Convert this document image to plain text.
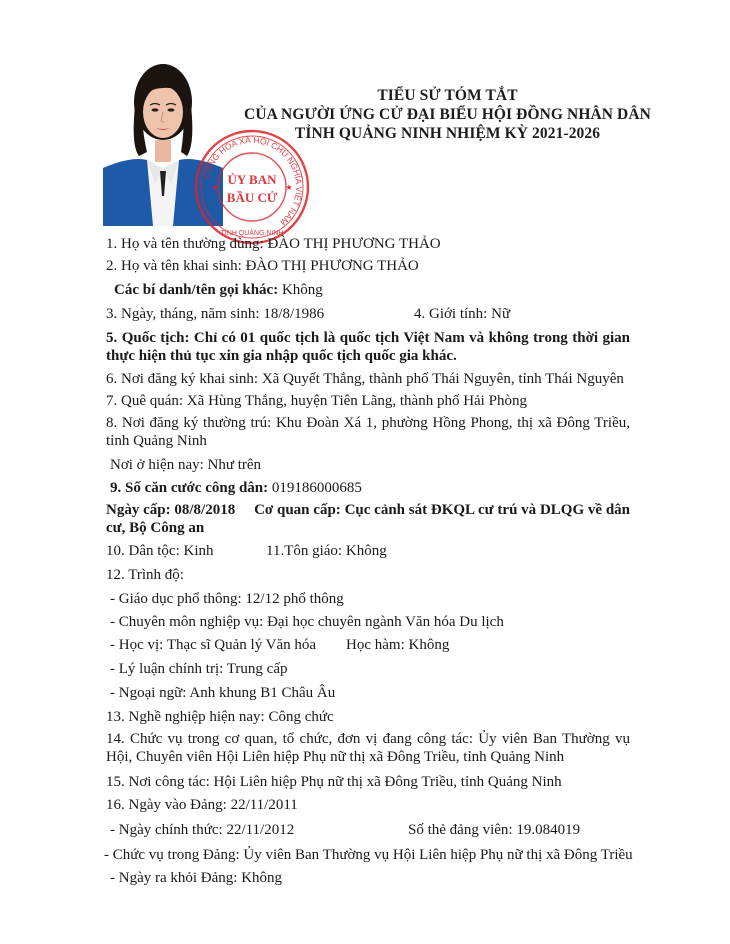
CỘNG HÒA XÃ HỘI CHỦ NGHĨA VIỆT NAM
ỦY BAN
BẦU CỬ
TỈNH QUẢNG NINH
★	★
TIỂU SỬ TÓM TẮT
CỦA NGƯỜI ỨNG CỬ ĐẠI BIỂU HỘI ĐỒNG NHÂN DÂN
TỈNH QUẢNG NINH NHIỆM KỲ 2021-2026
1. Họ và tên thường dùng: ĐÀO THỊ PHƯƠNG THẢO
2. Họ và tên khai sinh: ĐÀO THỊ PHƯƠNG THẢO
Các bí danh/tên gọi khác: Không
3. Ngày, tháng, năm sinh: 18/8/1986	4. Giới tính: Nữ
5. Quốc tịch: Chỉ có 01 quốc tịch là quốc tịch Việt Nam và không trong thời gian thực hiện thủ tục xin gia nhập quốc tịch quốc gia khác.
6. Nơi đăng ký khai sinh: Xã Quyết Thắng, thành phố Thái Nguyên, tỉnh Thái Nguyên
7. Quê quán: Xã Hùng Thắng, huyện Tiên Lãng, thành phố Hải Phòng
8. Nơi đăng ký thường trú: Khu Đoàn Xá 1, phường Hồng Phong, thị xã Đông Triều, tỉnh Quảng Ninh
Nơi ở hiện nay: Như trên
9. Số căn cước công dân: 019186000685
Ngày cấp: 08/8/2018 Cơ quan cấp: Cục cảnh sát ĐKQL cư trú và DLQG về dân cư, Bộ Công an
10. Dân tộc: Kinh	11.Tôn giáo: Không
12. Trình độ:
- Giáo dục phổ thông: 12/12 phổ thông
- Chuyên môn nghiệp vụ: Đại học chuyên ngành Văn hóa Du lịch
- Học vị: Thạc sĩ Quản lý Văn hóa Học hàm: Không
- Lý luận chính trị: Trung cấp
- Ngoại ngữ: Anh khung B1 Châu Âu
13. Nghề nghiệp hiện nay: Công chức
14. Chức vụ trong cơ quan, tổ chức, đơn vị đang công tác: Ủy viên Ban Thường vụ Hội, Chuyên viên Hội Liên hiệp Phụ nữ thị xã Đông Triều, tỉnh Quảng Ninh
15. Nơi công tác: Hội Liên hiệp Phụ nữ thị xã Đông Triều, tỉnh Quảng Ninh
16. Ngày vào Đảng: 22/11/2011
- Ngày chính thức: 22/11/2012	Số thẻ đảng viên: 19.084019
- Chức vụ trong Đảng: Ủy viên Ban Thường vụ Hội Liên hiệp Phụ nữ thị xã Đông Triều
- Ngày ra khỏi Đảng: Không
